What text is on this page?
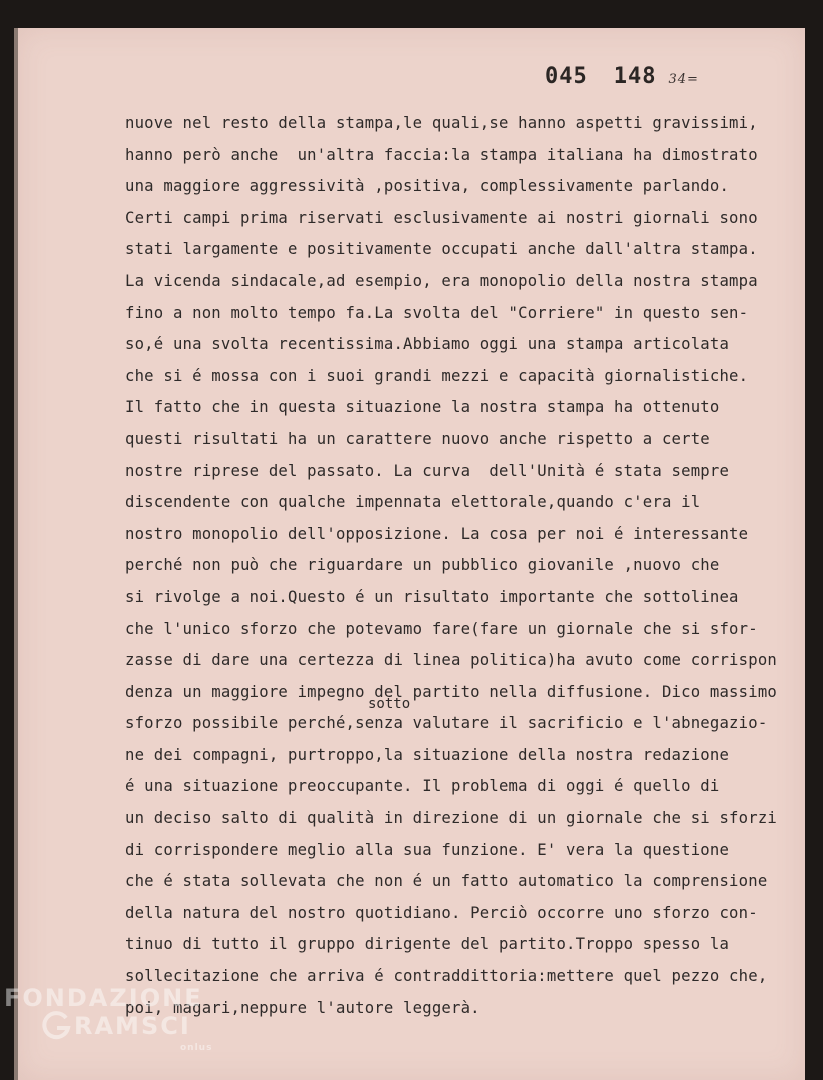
045 148 34=
nuove nel resto della stampa,le quali,se hanno aspetti gravissimi,
hanno però anche  un'altra faccia:la stampa italiana ha dimostrato
una maggiore aggressività ,positiva, complessivamente parlando.
Certi campi prima riservati esclusivamente ai nostri giornali sono
stati largamente e positivamente occupati anche dall'altra stampa.
La vicenda sindacale,ad esempio, era monopolio della nostra stampa
fino a non molto tempo fa.La svolta del "Corriere" in questo sen-
so,é una svolta recentissima.Abbiamo oggi una stampa articolata
che si é mossa con i suoi grandi mezzi e capacità giornalistiche.
Il fatto che in questa situazione la nostra stampa ha ottenuto
questi risultati ha un carattere nuovo anche rispetto a certe
nostre riprese del passato. La curva  dell'Unità é stata sempre
discendente con qualche impennata elettorale,quando c'era il
nostro monopolio dell'opposizione. La cosa per noi é interessante
perché non può che riguardare un pubblico giovanile ,nuovo che
si rivolge a noi.Questo é un risultato importante che sottolinea
che l'unico sforzo che potevamo fare(fare un giornale che si sfor-
zasse di dare una certezza di linea politica)ha avuto come corrispon
denza un maggiore impegno del partito nella diffusione. Dico massimo
sforzo possibile perché,senza valutare il sacrificio e l'abnegazio-
ne dei compagni, purtroppo,la situazione della nostra redazione
é una situazione preoccupante. Il problema di oggi é quello di
un deciso salto di qualità in direzione di un giornale che si sforzi
di corrispondere meglio alla sua funzione. E' vera la questione
che é stata sollevata che non é un fatto automatico la comprensione
della natura del nostro quotidiano. Perciò occorre uno sforzo con-
tinuo di tutto il gruppo dirigente del partito.Troppo spesso la
sollecitazione che arriva é contraddittoria:mettere quel pezzo che,
poi, magari,neppure l'autore leggerà.
sotto
FONDAZIONE
RAMSCI
onlus
